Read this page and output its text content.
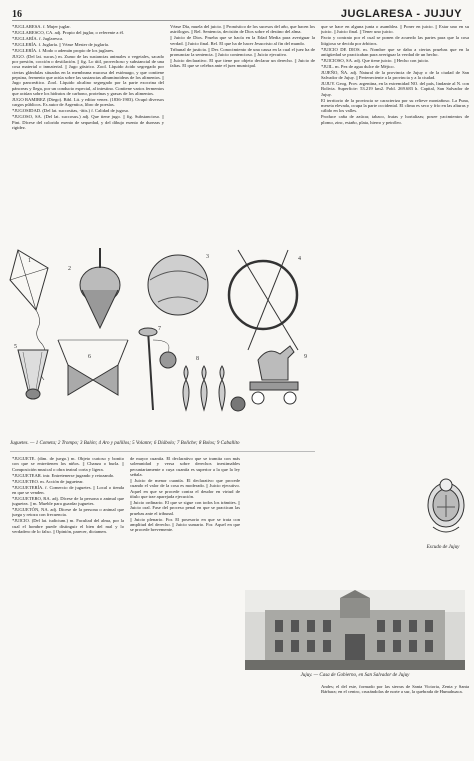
16	JUGLARESA - JUJUY

*JUGLARESA. f. Mujer juglar.

*JUGLARESCO, CA. adj. Propio del juglar, o referente a él.

*JUGLARÍA. f. Juglaresca.

*JUGLERÍA. f. Juglaría. || Véase Mester de juglaría.

*JUGLERÍA. f. Modo o ademán propio de los juglares.

JUGO. (Del lat. sucus.) m. Zumo de las sustancias animales o vegetales, sacado por presión, cocción o destilación. || fig. Lo útil, provechoso y substancial de una cosa material o inmaterial. || Jugo gástrico. Zool. Líquido ácido segregado por ciertas glándulas situadas en la membrana mucosa del estómago, y que contiene pepsina, fermento que actúa sobre las sustancias albuminoideas de los alimentos. || Jugo pancreático. Zool. Líquido alcalino segregado por la parte exocrina del páncreas y llega, por un conducto especial, al intestino. Contiene varios fermentos que actúan sobre los hidratos de carbono, proteínas y grasas de los alimentos.

JUGO RAMIREZ (Diego). Bibl. Lit. y editor venez. (1836-1903). Ocupó diversos cargos públicos. Es autor de Argentica, libro de poesías.

*JUGOSIDAD. (Del lat. succositas, -ātis.) f. Calidad de jugoso.

*JUGOSO, SA. (Del lat. succosus.) adj. Que tiene jugo. || fig. Substancioso. || Pint. Dícese del colorido exento de sequedad, y del dibujo exento de durezas y rigidez.

Véase Día, muela del juicio. || Pronóstico de los sucesos del año, que hacen los astrólogos. || Rel. Sentencia, decisión de Dios sobre el destino del alma.

|| Juicio de Dios. Prueba que se hacía en la Edad Media para averiguar la verdad. || Juicio final. Rel. El que ha de hacer Jesucristo al fin del mundo.

Tribunal de justicia. || Der. Conocimiento de una causa en la cual el juez ha de pronunciar la sentencia. || Juicio contencioso. || Juicio ejecutivo.

|| Juicio declarativo. El que tiene por objeto declarar un derecho. || Juicio de faltas. El que se celebra ante el juez municipal.

que se hace en alguna junta o asamblea. || Poner en juicio. || Estar uno en su juicio. || Juicio final. || Tener uno juicio.

Pacto y contrato por el cual se ponen de acuerdo las partes para que la cosa litigiosa se decida por árbitros.

*JUICIO DE DIOS. m. Nombre que se daba a ciertas pruebas que en la antigüedad se practicaban para averiguar la verdad de un hecho.

*JUICIOSO, SA. adj. Que tiene juicio. || Hecho con juicio.

*JUIL. m. Pez de agua dulce de Méjico.

JUJEÑO, ÑA. adj. Natural de la provincia de Jujuy o de la ciudad de San Salvador de Jujuy. || Perteneciente a la provincia y a la ciudad.

JUJUY. Geog. Prov. argentina, en la extremidad NO. del país, lindante al N. con Bolivia. Superficie: 53.219 km2. Pobl. 269.683 h. Capital, San Salvador de Jujuy.

El territorio de la provincia se caracteriza por su relieve montañoso. La Puna, meseta elevada, ocupa la parte occidental. El clima es seco y frío en las alturas y cálido en los valles.

Produce caña de azúcar, tabaco, frutas y hortalizas; posee yacimientos de plomo, zinc, estaño, plata, hierro y petróleo.

1
2
3	4
5
6
7
8	9
Juguetes. — 1 Cometa; 2 Trompo; 3 Balón; 4 Aro y palillos; 5 Volante; 6 Diábolo; 7 Boliche; 8 Bolos; 9 Caballito

*JUGUETE. (dim. de juego.) m. Objeto curioso y bonito con que se entretienen los niños. || Chanza o burla. || Composición musical o obra teatral corta y ligera.

*JUGUETEAR. intr. Entretenerse jugando y retozando.

*JUGUETEO. m. Acción de juguetear.

*JUGUETERÍA. f. Comercio de juguetes. || Local o tienda en que se venden.

*JUGUETERO, RA. adj. Dícese de la persona o animal que juguetea. || m. Mueble para guardar juguetes.

*JUGUETÓN, NA. adj. Dícese de la persona o animal que juega y retoza con frecuencia.

*JUICIO. (Del lat. iudicium.) m. Facultad del alma, por la cual el hombre puede distinguir el bien del mal y lo verdadero de lo falso. || Opinión, parecer, dictamen.

de mayor cuantía. El declarativo que se tramita con más solemnidad y versa sobre derechos inestimables pecuniariamente o cuya cuantía es superior a la que la ley señala.

|| Juicio de menor cuantía. El declarativo que procede cuando el valor de la cosa es moderado. || Juicio ejecutivo. Aquel en que se procede contra el deudor en virtud de título que trae aparejada ejecución.

|| Juicio ordinario. El que se sigue con todos los trámites. || Juicio oral. Fase del proceso penal en que se practican las pruebas ante el tribunal.

|| Juicio plenario. For. El posesorio en que se trata con amplitud del derecho. || Juicio sumario. For. Aquel en que se procede brevemente.

Escudo de Jujuy
Jujuy. — Casa de Gobierno, en San Salvador de Jujuy
Andes; el del este, formado por las sierras de Santa Victoria, Zenta y Santa Bárbara; en el centro, cruzándolas de norte a sur, la quebrada de Humahuaca.
